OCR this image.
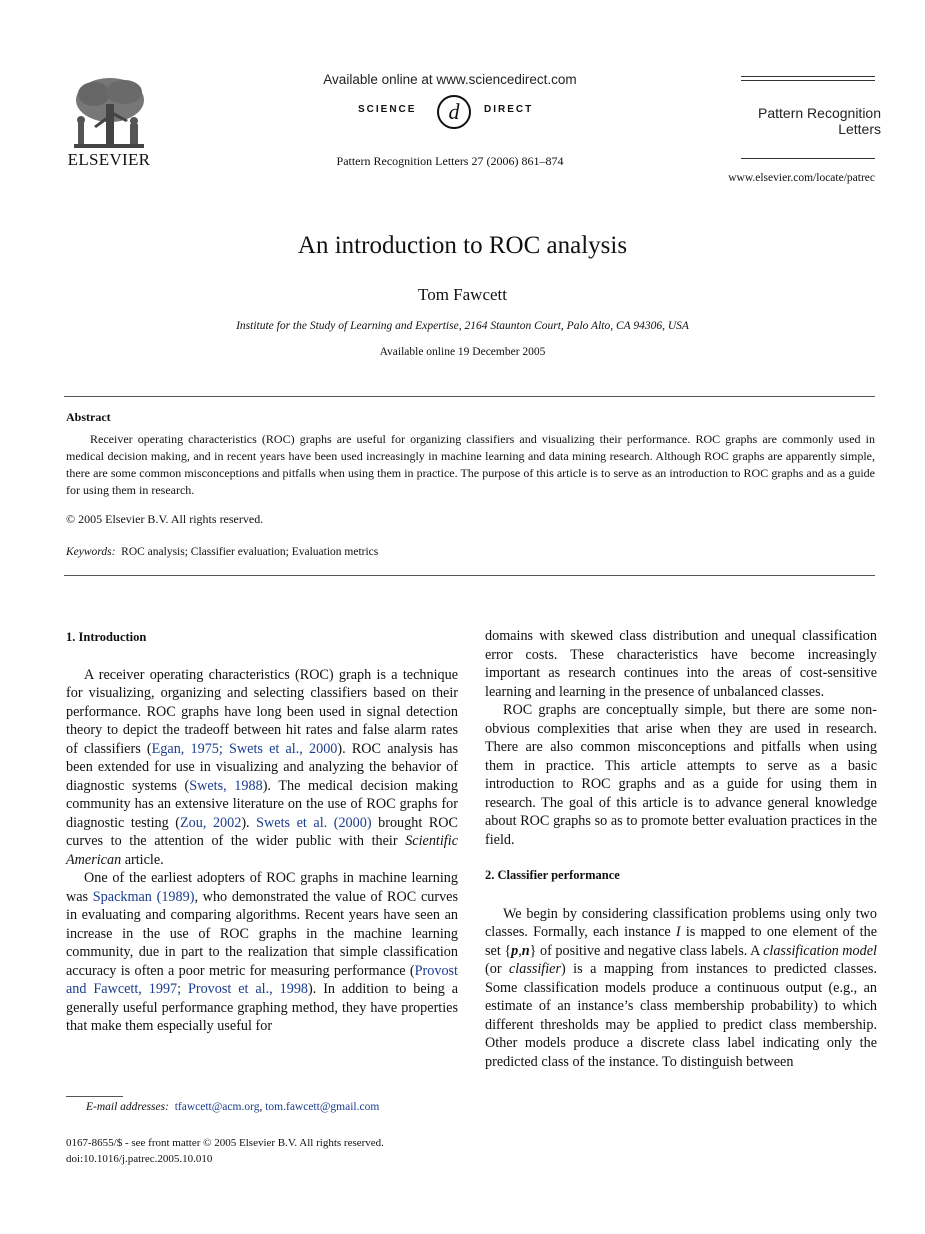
ELSEVIER
Available online at www.sciencedirect.com
SCIENCE d DIRECT
Pattern Recognition Letters 27 (2006) 861–874
Pattern Recognition Letters
www.elsevier.com/locate/patrec
An introduction to ROC analysis
Tom Fawcett
Institute for the Study of Learning and Expertise, 2164 Staunton Court, Palo Alto, CA 94306, USA
Available online 19 December 2005
Abstract

Receiver operating characteristics (ROC) graphs are useful for organizing classifiers and visualizing their performance. ROC graphs are commonly used in medical decision making, and in recent years have been used increasingly in machine learning and data mining research. Although ROC graphs are apparently simple, there are some common misconceptions and pitfalls when using them in practice. The purpose of this article is to serve as an introduction to ROC graphs and as a guide for using them in research.

© 2005 Elsevier B.V. All rights reserved.
Keywords: ROC analysis; Classifier evaluation; Evaluation metrics
1. Introduction

A receiver operating characteristics (ROC) graph is a technique for visualizing, organizing and selecting classifiers based on their performance. ROC graphs have long been used in signal detection theory to depict the tradeoff between hit rates and false alarm rates of classifiers (Egan, 1975; Swets et al., 2000). ROC analysis has been extended for use in visualizing and analyzing the behavior of diagnostic systems (Swets, 1988). The medical decision making community has an extensive literature on the use of ROC graphs for diagnostic testing (Zou, 2002). Swets et al. (2000) brought ROC curves to the attention of the wider public with their Scientific American article.

One of the earliest adopters of ROC graphs in machine learning was Spackman (1989), who demonstrated the value of ROC curves in evaluating and comparing algorithms. Recent years have seen an increase in the use of ROC graphs in the machine learning community, due in part to the realization that simple classification accuracy is often a poor metric for measuring performance (Provost and Fawcett, 1997; Provost et al., 1998). In addition to being a generally useful performance graphing method, they have properties that make them especially useful for

domains with skewed class distribution and unequal classification error costs. These characteristics have become increasingly important as research continues into the areas of cost-sensitive learning and learning in the presence of unbalanced classes.

ROC graphs are conceptually simple, but there are some non-obvious complexities that arise when they are used in research. There are also common misconceptions and pitfalls when using them in practice. This article attempts to serve as a basic introduction to ROC graphs and as a guide for using them in research. The goal of this article is to advance general knowledge about ROC graphs so as to promote better evaluation practices in the field.

2. Classifier performance

We begin by considering classification problems using only two classes. Formally, each instance I is mapped to one element of the set {p,n} of positive and negative class labels. A classification model (or classifier) is a mapping from instances to predicted classes. Some classification models produce a continuous output (e.g., an estimate of an instance’s class membership probability) to which different thresholds may be applied to predict class membership. Other models produce a discrete class label indicating only the predicted class of the instance. To distinguish between

E-mail addresses: tfawcett@acm.org, tom.fawcett@gmail.com
0167-8655/$ - see front matter © 2005 Elsevier B.V. All rights reserved.
doi:10.1016/j.patrec.2005.10.010
